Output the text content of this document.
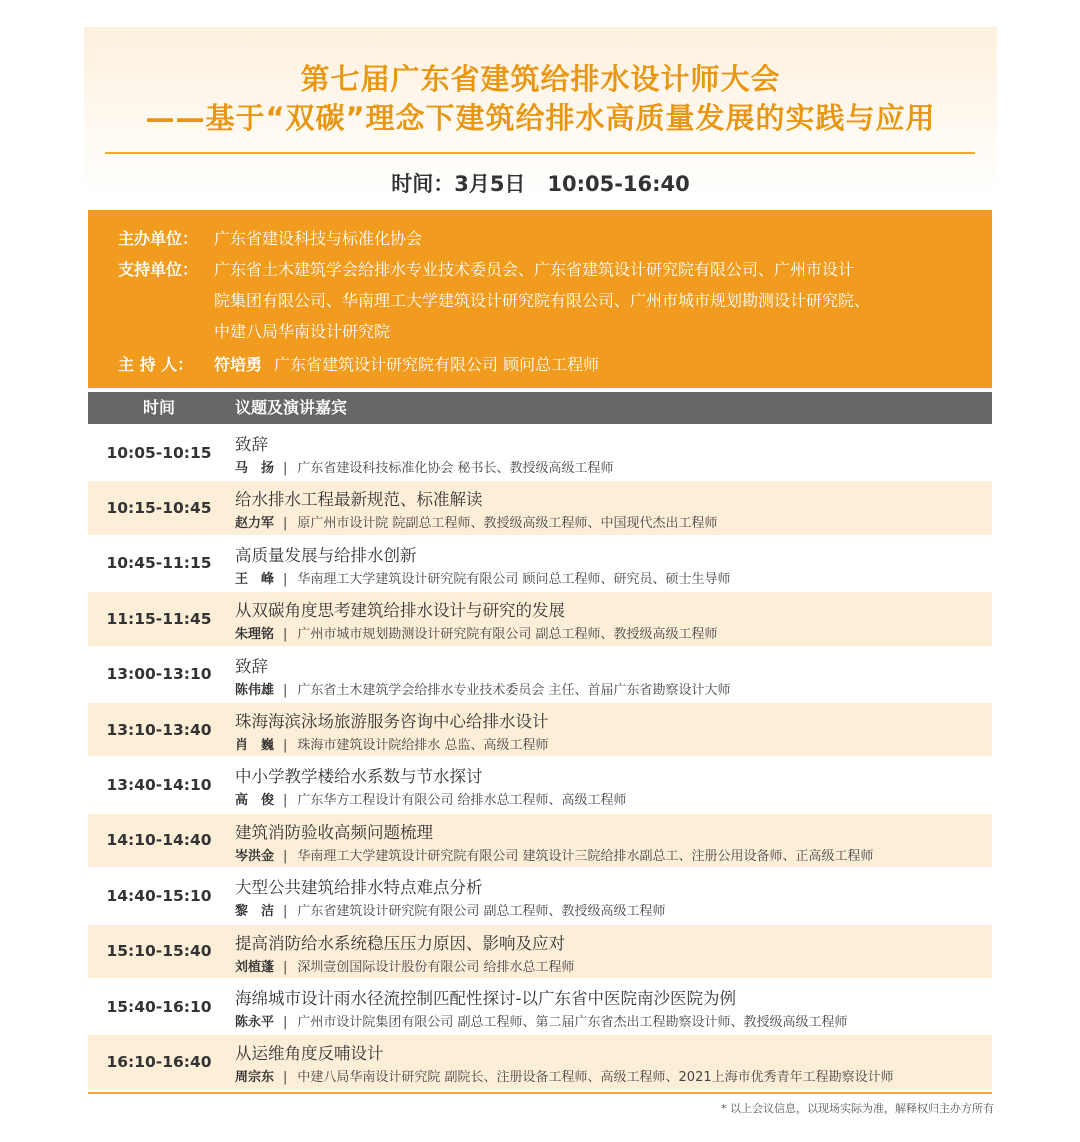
第七届广东省建筑给排水设计师大会
——基于“双碳”理念下建筑给排水高质量发展的实践与应用
时间：3月5日 10:05-16:40
主办单位： 广东省建设科技与标准化协会
支持单位： 广东省土木建筑学会给排水专业技术委员会、广东省建筑设计研究院有限公司、广州市设计
院集团有限公司、华南理工大学建筑设计研究院有限公司、广州市城市规划勘测设计研究院、
中建八局华南设计研究院
主 持 人：	符培勇 广东省建筑设计研究院有限公司 顾问总工程师
时间	议题及演讲嘉宾
10:05-10:15	致辞
马　扬 | 广东省建设科技标准化协会 秘书长、教授级高级工程师
10:15-10:45	给水排水工程最新规范、标准解读
赵力军 | 原广州市设计院 院副总工程师、教授级高级工程师、中国现代杰出工程师
10:45-11:15	高质量发展与给排水创新
王　峰 | 华南理工大学建筑设计研究院有限公司 顾问总工程师、研究员、硕士生导师
11:15-11:45	从双碳角度思考建筑给排水设计与研究的发展
朱理铭 | 广州市城市规划勘测设计研究院有限公司 副总工程师、教授级高级工程师
13:00-13:10	致辞
陈伟雄 | 广东省土木建筑学会给排水专业技术委员会 主任、首届广东省勘察设计大师
13:10-13:40	珠海海滨泳场旅游服务咨询中心给排水设计
肖　巍 | 珠海市建筑设计院给排水 总监、高级工程师
13:40-14:10	中小学教学楼给水系数与节水探讨
高　俊 | 广东华方工程设计有限公司 给排水总工程师、高级工程师
14:10-14:40	建筑消防验收高频问题梳理
岑洪金 | 华南理工大学建筑设计研究院有限公司 建筑设计三院给排水副总工、注册公用设备师、正高级工程师
14:40-15:10	大型公共建筑给排水特点难点分析
黎　洁 | 广东省建筑设计研究院有限公司 副总工程师、教授级高级工程师
15:10-15:40	提高消防给水系统稳压压力原因、影响及应对
刘植蓬 | 深圳壹创国际设计股份有限公司 给排水总工程师
15:40-16:10	海绵城市设计雨水径流控制匹配性探讨-以广东省中医院南沙医院为例
陈永平 | 广州市设计院集团有限公司 副总工程师、第二届广东省杰出工程勘察设计师、教授级高级工程师
16:10-16:40	从运维角度反哺设计
周宗东 | 中建八局华南设计研究院 副院长、注册设备工程师、高级工程师、2021上海市优秀青年工程勘察设计师
* 以上会议信息，以现场实际为准，解释权归主办方所有
